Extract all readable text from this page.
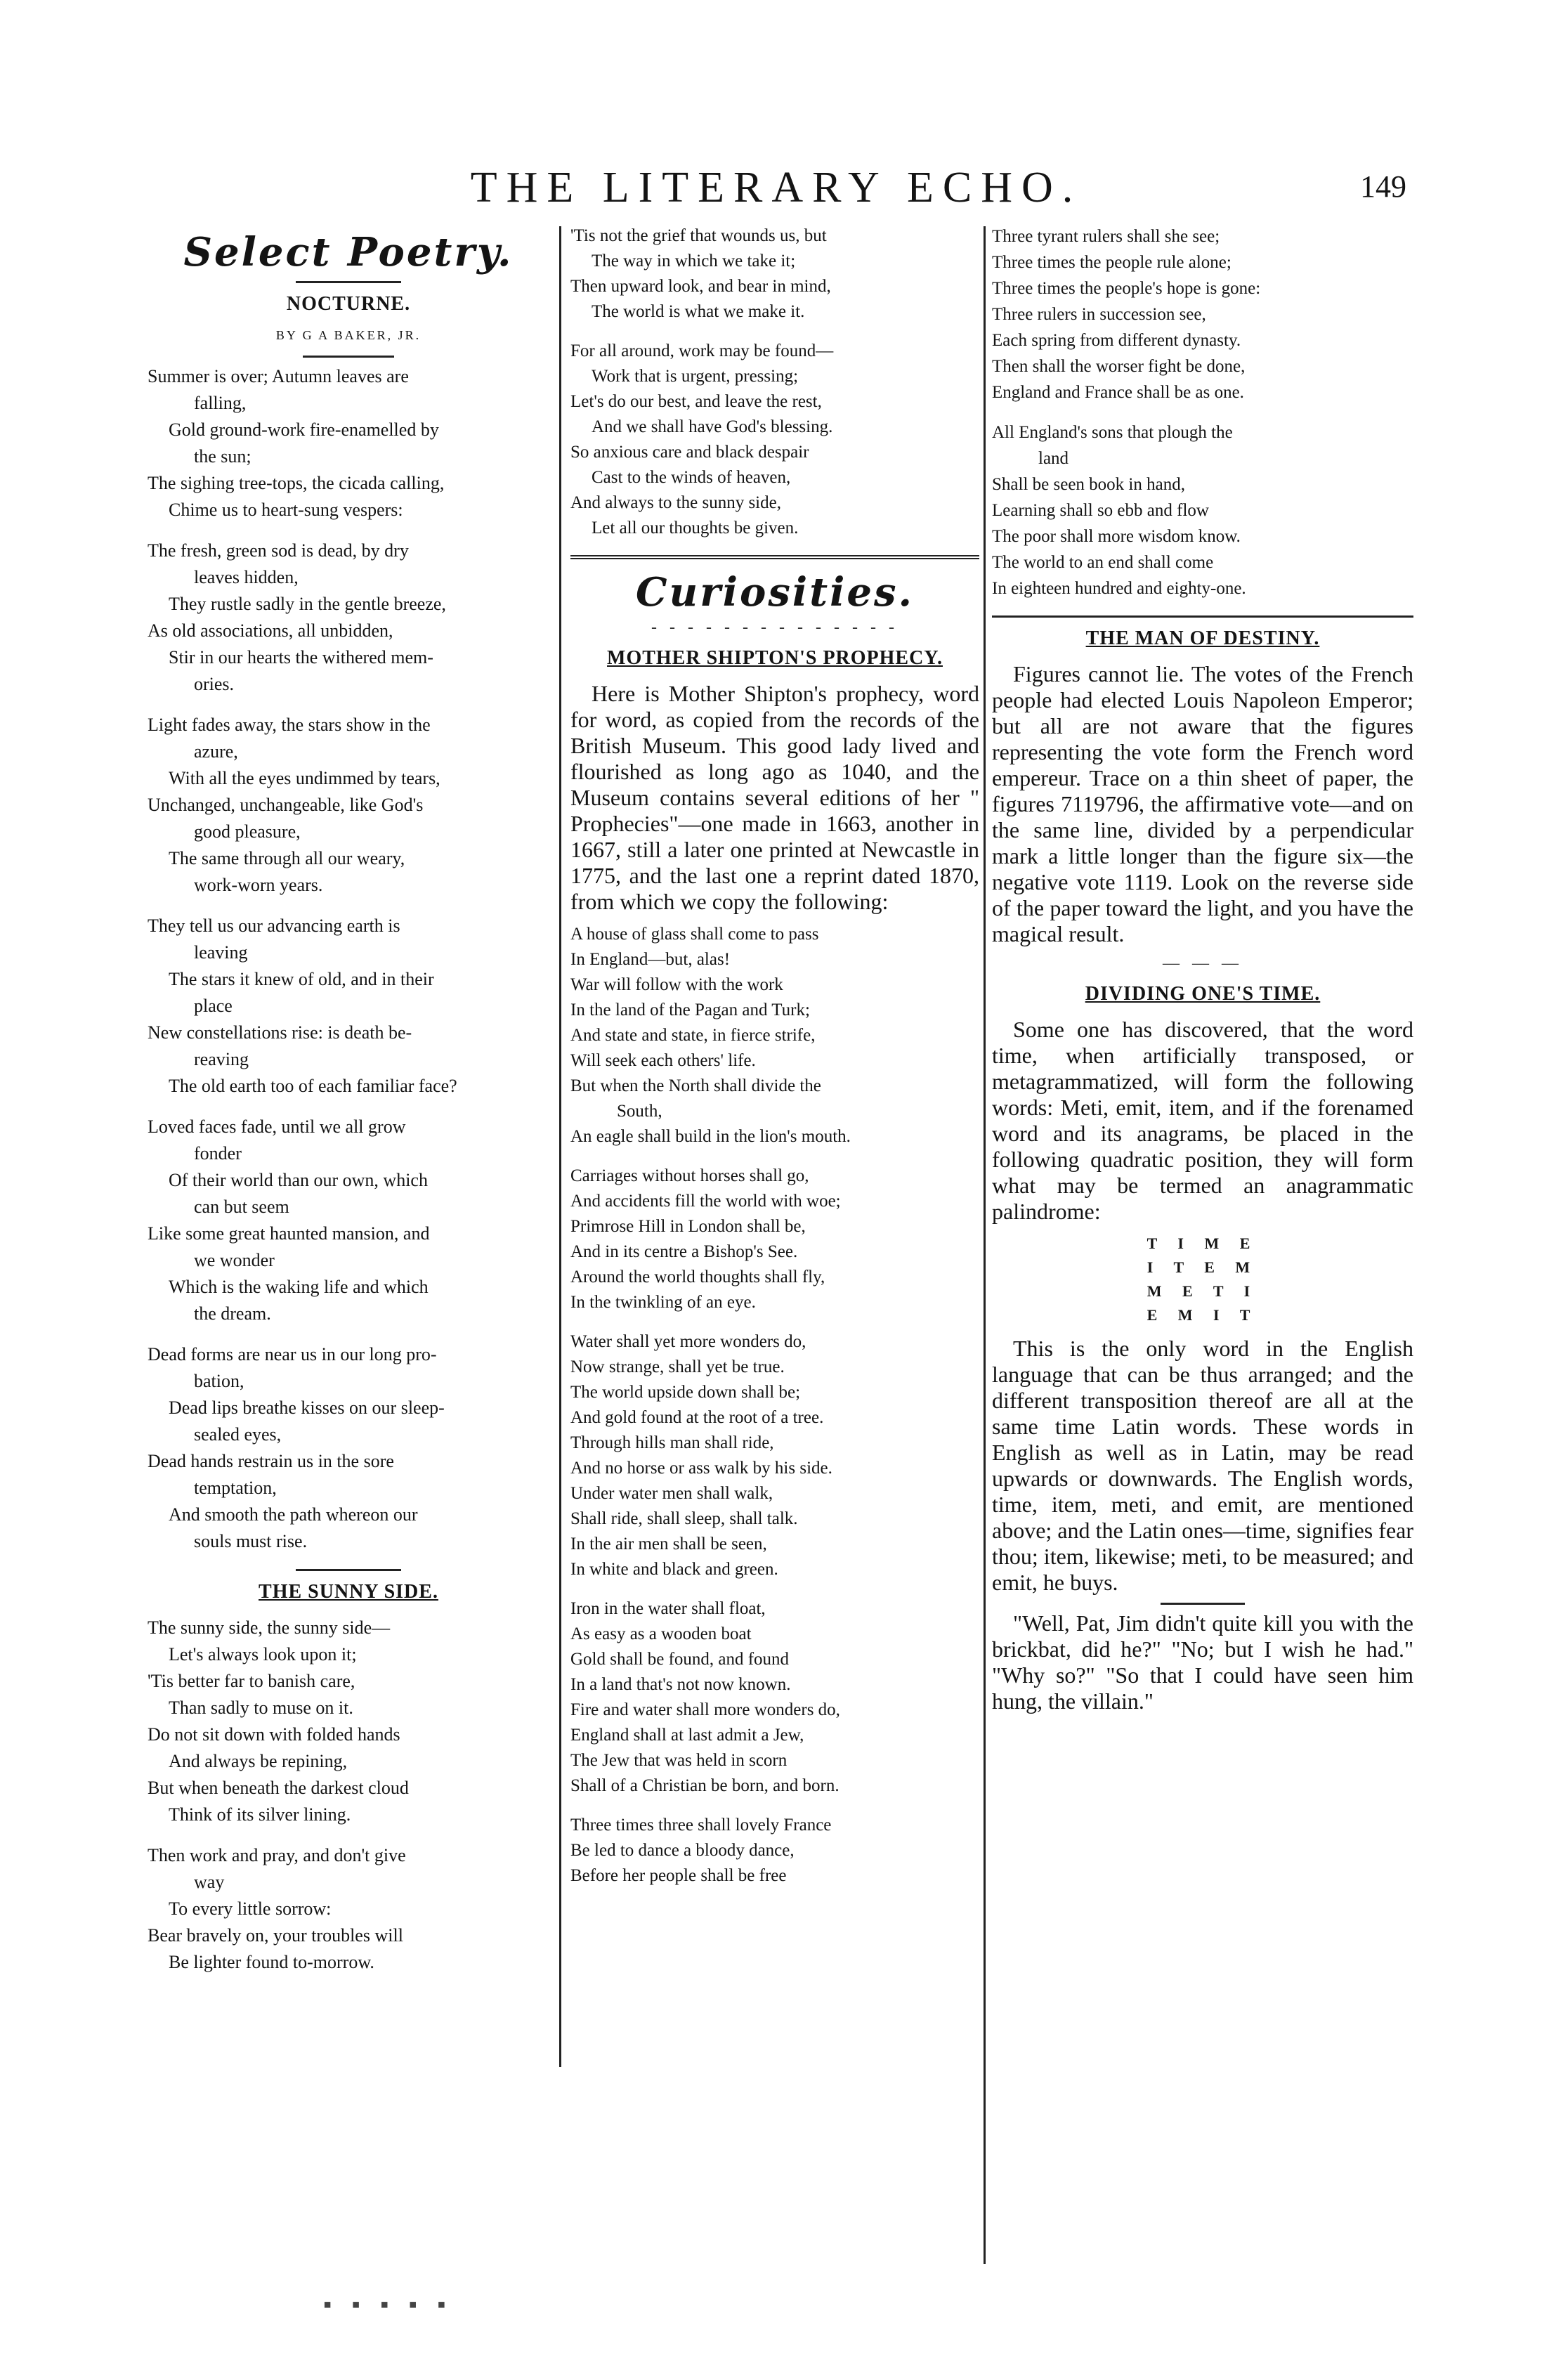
THE LITERARY ECHO.	149
Select Poetry.
NOCTURNE.
BY G A BAKER, JR.
Summer is over; Autumn leaves are
falling,
Gold ground-work fire-enamelled by
the sun;
The sighing tree-tops, the cicada calling,
Chime us to heart-sung vespers:
The fresh, green sod is dead, by dry
leaves hidden,
They rustle sadly in the gentle breeze,
As old associations, all unbidden,
Stir in our hearts the withered mem-
ories.
Light fades away, the stars show in the
azure,
With all the eyes undimmed by tears,
Unchanged, unchangeable, like God's
good pleasure,
The same through all our weary,
work-worn years.
They tell us our advancing earth is
leaving
The stars it knew of old, and in their
place
New constellations rise: is death be-
reaving
The old earth too of each familiar face?
Loved faces fade, until we all grow
fonder
Of their world than our own, which
can but seem
Like some great haunted mansion, and
we wonder
Which is the waking life and which
the dream.
Dead forms are near us in our long pro-
bation,
Dead lips breathe kisses on our sleep-
sealed eyes,
Dead hands restrain us in the sore
temptation,
And smooth the path whereon our
souls must rise.
THE SUNNY SIDE.
The sunny side, the sunny side—
Let's always look upon it;
'Tis better far to banish care,
Than sadly to muse on it.
Do not sit down with folded hands
And always be repining,
But when beneath the darkest cloud
Think of its silver lining.
Then work and pray, and don't give
way
To every little sorrow:
Bear bravely on, your troubles will
Be lighter found to-morrow.
'Tis not the grief that wounds us, but
The way in which we take it;
Then upward look, and bear in mind,
The world is what we make it.
For all around, work may be found—
Work that is urgent, pressing;
Let's do our best, and leave the rest,
And we shall have God's blessing.
So anxious care and black despair
Cast to the winds of heaven,
And always to the sunny side,
Let all our thoughts be given.
Curiosities.
- - - - - - - - - - - - - -
MOTHER SHIPTON'S PROPHECY.

Here is Mother Shipton's prophecy, word for word, as copied from the records of the British Museum. This good lady lived and flourished as long ago as 1040, and the Museum contains several editions of her " Prophecies"—one made in 1663, another in 1667, still a later one printed at Newcastle in 1775, and the last one a reprint dated 1870, from which we copy the following:

A house of glass shall come to pass
In England—but, alas!
War will follow with the work
In the land of the Pagan and Turk;
And state and state, in fierce strife,
Will seek each others' life.
But when the North shall divide the
South,
An eagle shall build in the lion's mouth.
Carriages without horses shall go,
And accidents fill the world with woe;
Primrose Hill in London shall be,
And in its centre a Bishop's See.
Around the world thoughts shall fly,
In the twinkling of an eye.
Water shall yet more wonders do,
Now strange, shall yet be true.
The world upside down shall be;
And gold found at the root of a tree.
Through hills man shall ride,
And no horse or ass walk by his side.
Under water men shall walk,
Shall ride, shall sleep, shall talk.
In the air men shall be seen,
In white and black and green.
Iron in the water shall float,
As easy as a wooden boat
Gold shall be found, and found
In a land that's not now known.
Fire and water shall more wonders do,
England shall at last admit a Jew,
The Jew that was held in scorn
Shall of a Christian be born, and born.
Three times three shall lovely France
Be led to dance a bloody dance,
Before her people shall be free
Three tyrant rulers shall she see;
Three times the people rule alone;
Three times the people's hope is gone:
Three rulers in succession see,
Each spring from different dynasty.
Then shall the worser fight be done,
England and France shall be as one.
All England's sons that plough the
land
Shall be seen book in hand,
Learning shall so ebb and flow
The poor shall more wisdom know.
The world to an end shall come
In eighteen hundred and eighty-one.
THE MAN OF DESTINY.

Figures cannot lie. The votes of the French people had elected Louis Napoleon Emperor; but all are not aware that the figures representing the vote form the French word empereur. Trace on a thin sheet of paper, the figures 7119796, the affirmative vote—and on the same line, divided by a perpendicular mark a little longer than the figure six—the negative vote 1119. Look on the reverse side of the paper toward the light, and you have the magical result.

— — —
DIVIDING ONE'S TIME.

Some one has discovered, that the word time, when artificially transposed, or metagrammatized, will form the following words: Meti, emit, item, and if the forenamed word and its anagrams, be placed in the following quadratic position, they will form what may be termed an anagrammatic palindrome:

T I M E
I T E M
M E T I
E M I T

This is the only word in the English language that can be thus arranged; and the different transposition thereof are all at the same time Latin words. These words in English as well as in Latin, may be read upwards or downwards. The English words, time, item, meti, and emit, are mentioned above; and the Latin ones—time, signifies fear thou; item, likewise; meti, to be measured; and emit, he buys.

"Well, Pat, Jim didn't quite kill you with the brickbat, did he?" "No; but I wish he had." "Why so?" "So that I could have seen him hung, the villain."

▪ ▪ ▪ ▪ ▪
